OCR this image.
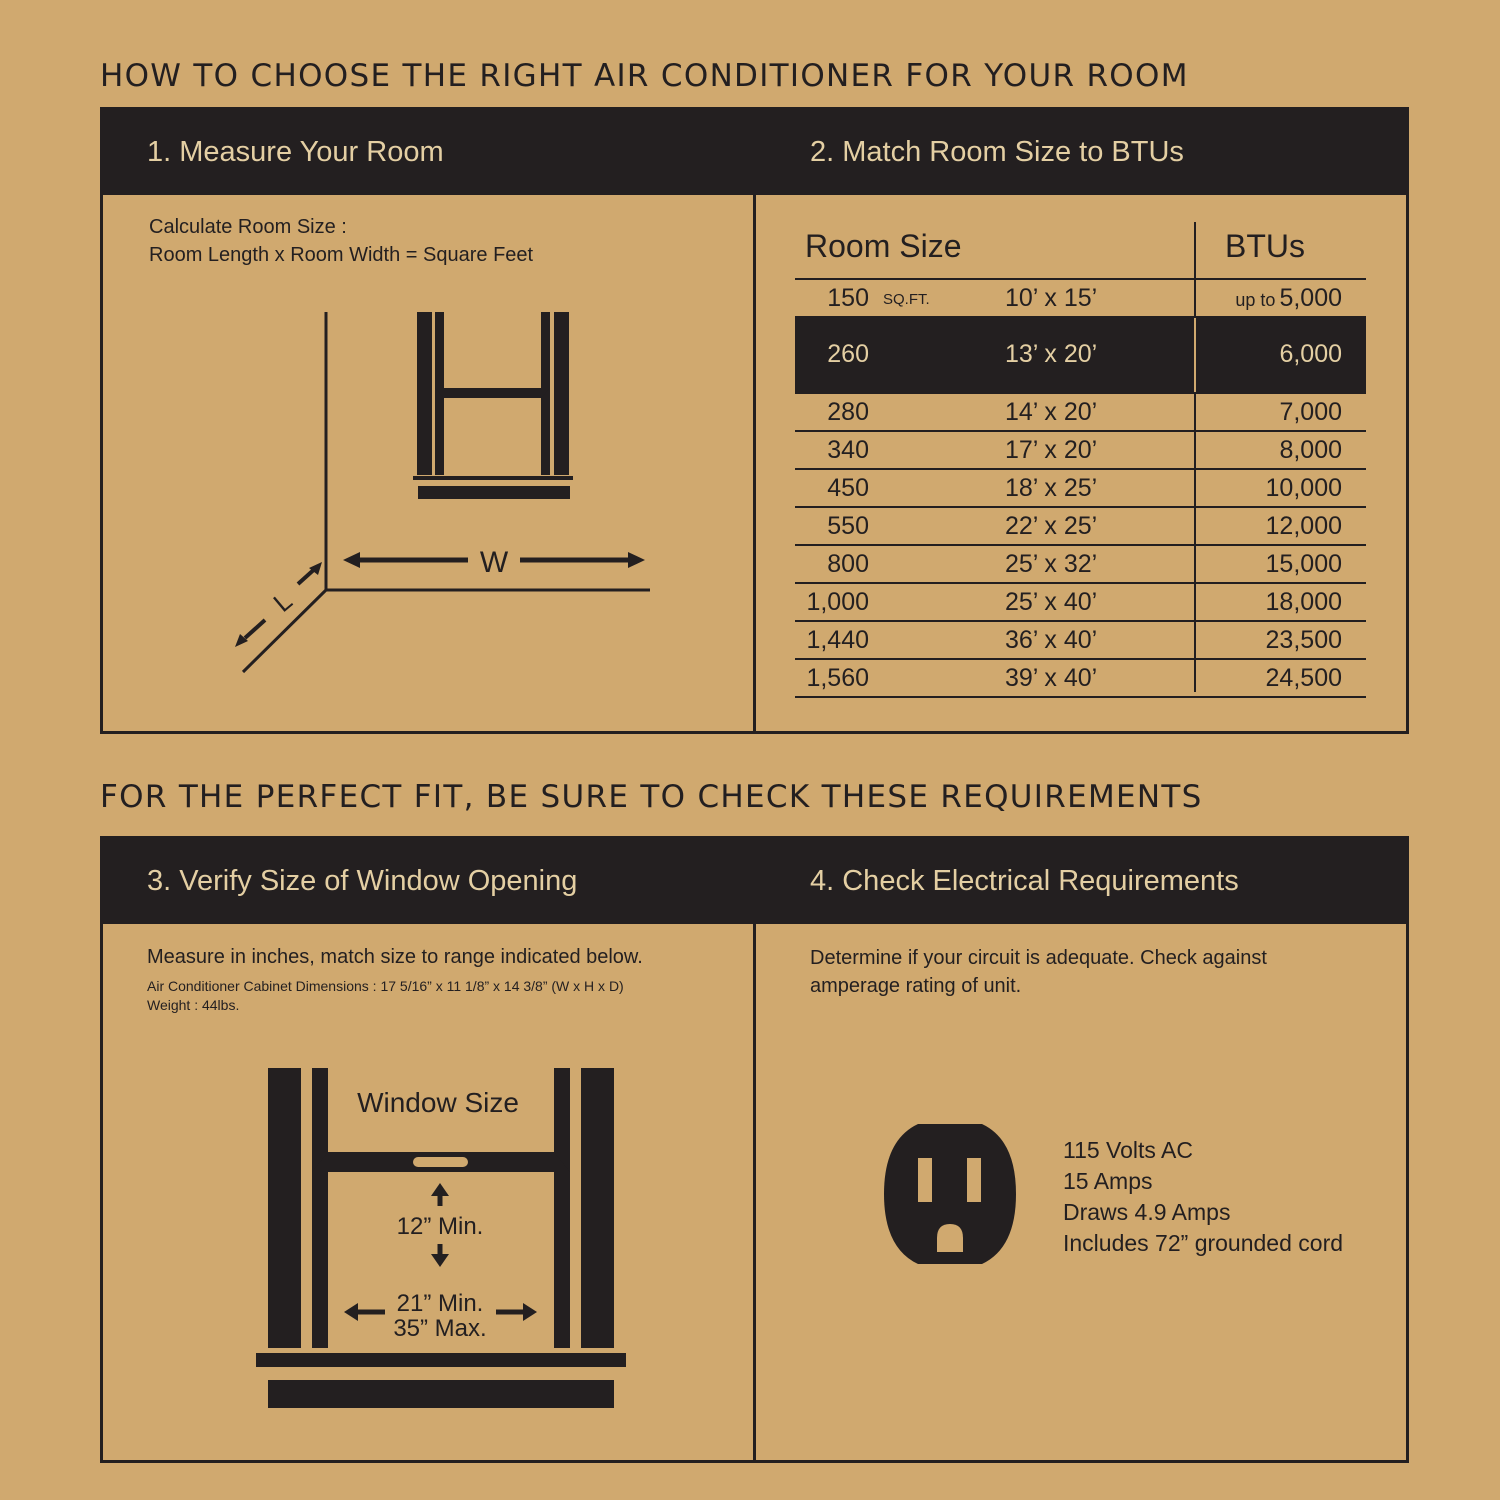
HOW TO CHOOSE THE RIGHT AIR CONDITIONER FOR YOUR ROOM
1. Measure Your Room
Calculate Room Size :
Room Length x Room Width = Square Feet
W
L
2. Match Room Size to BTUs
Room Size	BTUs
150 SQ.FT.	10’ x 15’	up to 5,000
260	13’ x 20’	6,000
280	14’ x 20’	7,000
340	17’ x 20’	8,000
450	18’ x 25’	10,000
550	22’ x 25’	12,000
800	25’ x 32’	15,000
1,000	25’ x 40’	18,000
1,440	36’ x 40’	23,500
1,560	39’ x 40’	24,500
FOR THE PERFECT FIT, BE SURE TO CHECK THESE REQUIREMENTS
3. Verify Size of Window Opening
Measure in inches, match size to range indicated below.
Air Conditioner Cabinet Dimensions : 17 5/16” x 11 1/8” x 14 3/8” (W x H x D)
Weight : 44lbs.
Window Size
12” Min.
21” Min.
35” Max.
4. Check Electrical Requirements
Determine if your circuit is adequate. Check against
amperage rating of unit.
115 Volts AC
15 Amps
Draws 4.9 Amps
Includes 72” grounded cord
